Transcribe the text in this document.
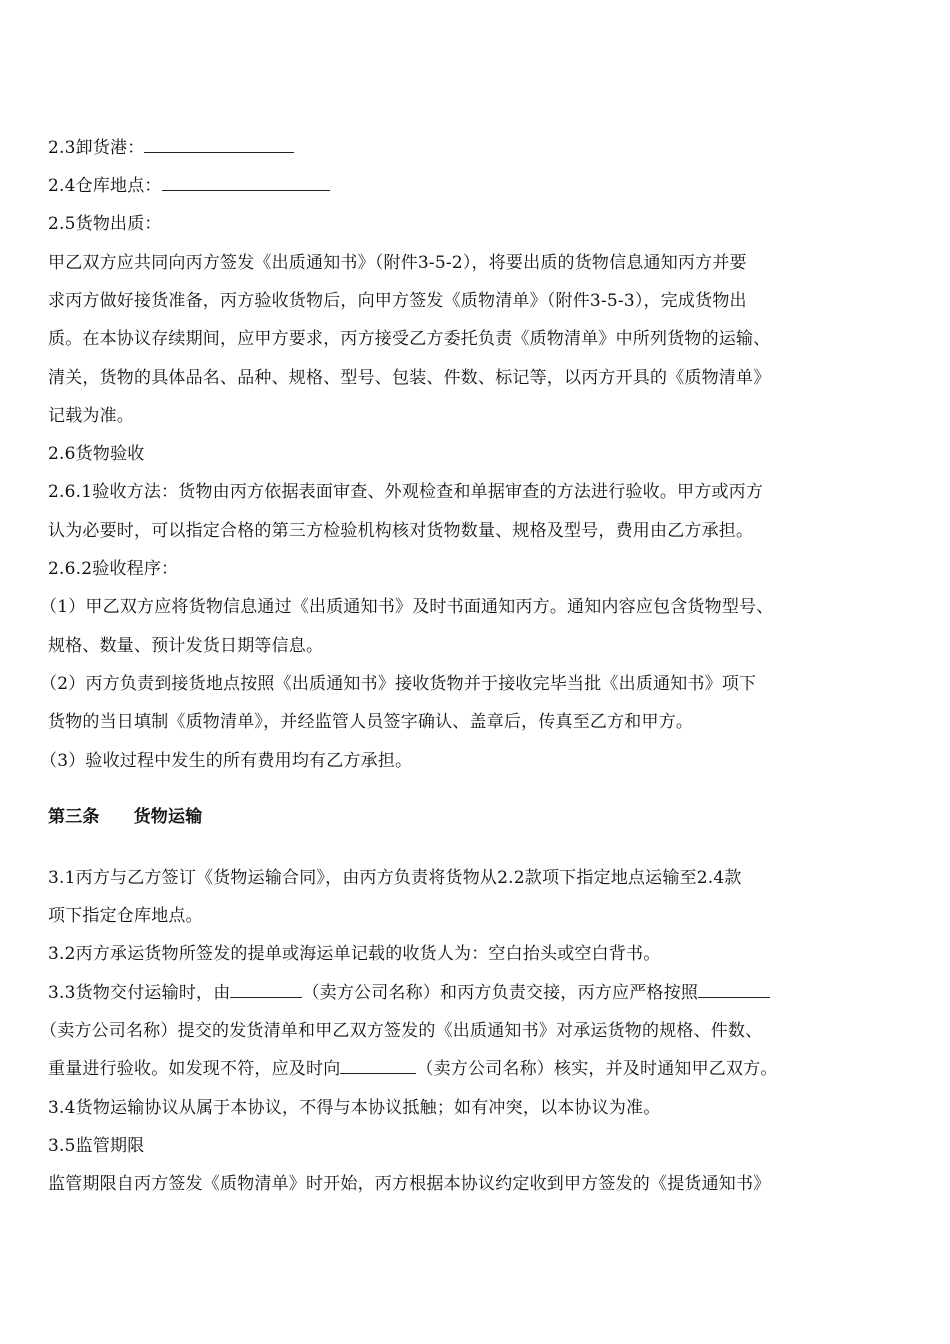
2.3卸货港：
2.4仓库地点：
2.5货物出质：
甲乙双方应共同向丙方签发《出质通知书》（附件3-5-2），将要出质的货物信息通知丙方并要
求丙方做好接货准备，丙方验收货物后，向甲方签发《质物清单》（附件3-5-3），完成货物出
质。在本协议存续期间，应甲方要求，丙方接受乙方委托负责《质物清单》中所列货物的运输、
清关，货物的具体品名、品种、规格、型号、包装、件数、标记等，以丙方开具的《质物清单》
记载为准。
2.6货物验收
2.6.1验收方法：货物由丙方依据表面审查、外观检查和单据审查的方法进行验收。甲方或丙方
认为必要时，可以指定合格的第三方检验机构核对货物数量、规格及型号，费用由乙方承担。
2.6.2验收程序：
（1）甲乙双方应将货物信息通过《出质通知书》及时书面通知丙方。通知内容应包含货物型号、
规格、数量、预计发货日期等信息。
（2）丙方负责到接货地点按照《出质通知书》接收货物并于接收完毕当批《出质通知书》项下
货物的当日填制《质物清单》，并经监管人员签字确认、盖章后，传真至乙方和甲方。
（3）验收过程中发生的所有费用均有乙方承担。
第三条 货物运输
3.1丙方与乙方签订《货物运输合同》，由丙方负责将货物从2.2款项下指定地点运输至2.4款
项下指定仓库地点。
3.2丙方承运货物所签发的提单或海运单记载的收货人为：空白抬头或空白背书。
3.3货物交付运输时，由	（卖方公司名称）和丙方负责交接，丙方应严格按照
（卖方公司名称）提交的发货清单和甲乙双方签发的《出质通知书》对承运货物的规格、件数、
重量进行验收。如发现不符，应及时向	（卖方公司名称）核实，并及时通知甲乙双方。
3.4货物运输协议从属于本协议，不得与本协议抵触；如有冲突，以本协议为准。
3.5监管期限
监管期限自丙方签发《质物清单》时开始，丙方根据本协议约定收到甲方签发的《提货通知书》
